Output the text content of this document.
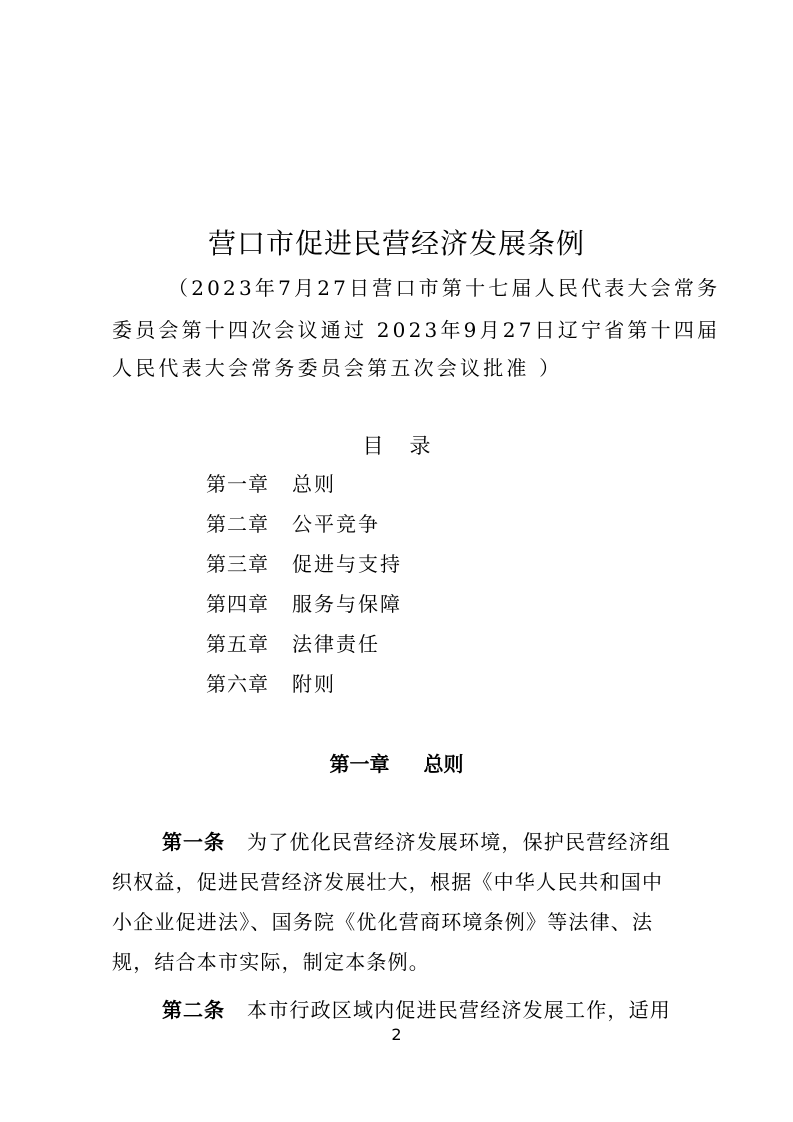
营口市促进民营经济发展条例
（2023年7月27日营口市第十七届人民代表大会常务
委员会第十四次会议通过 2023年9月27日辽宁省第十四届
人民代表大会常务委员会第五次会议批准 ）
目 录
第一章 总则
第二章 公平竞争
第三章 促进与支持
第四章 服务与保障
第五章 法律责任
第六章 附则
第一章 总则
第一条 为了优化民营经济发展环境，保护民营经济组
织权益，促进民营经济发展壮大，根据《中华人民共和国中
小企业促进法》、国务院《优化营商环境条例》等法律、法
规，结合本市实际，制定本条例。
第二条 本市行政区域内促进民营经济发展工作，适用
2
